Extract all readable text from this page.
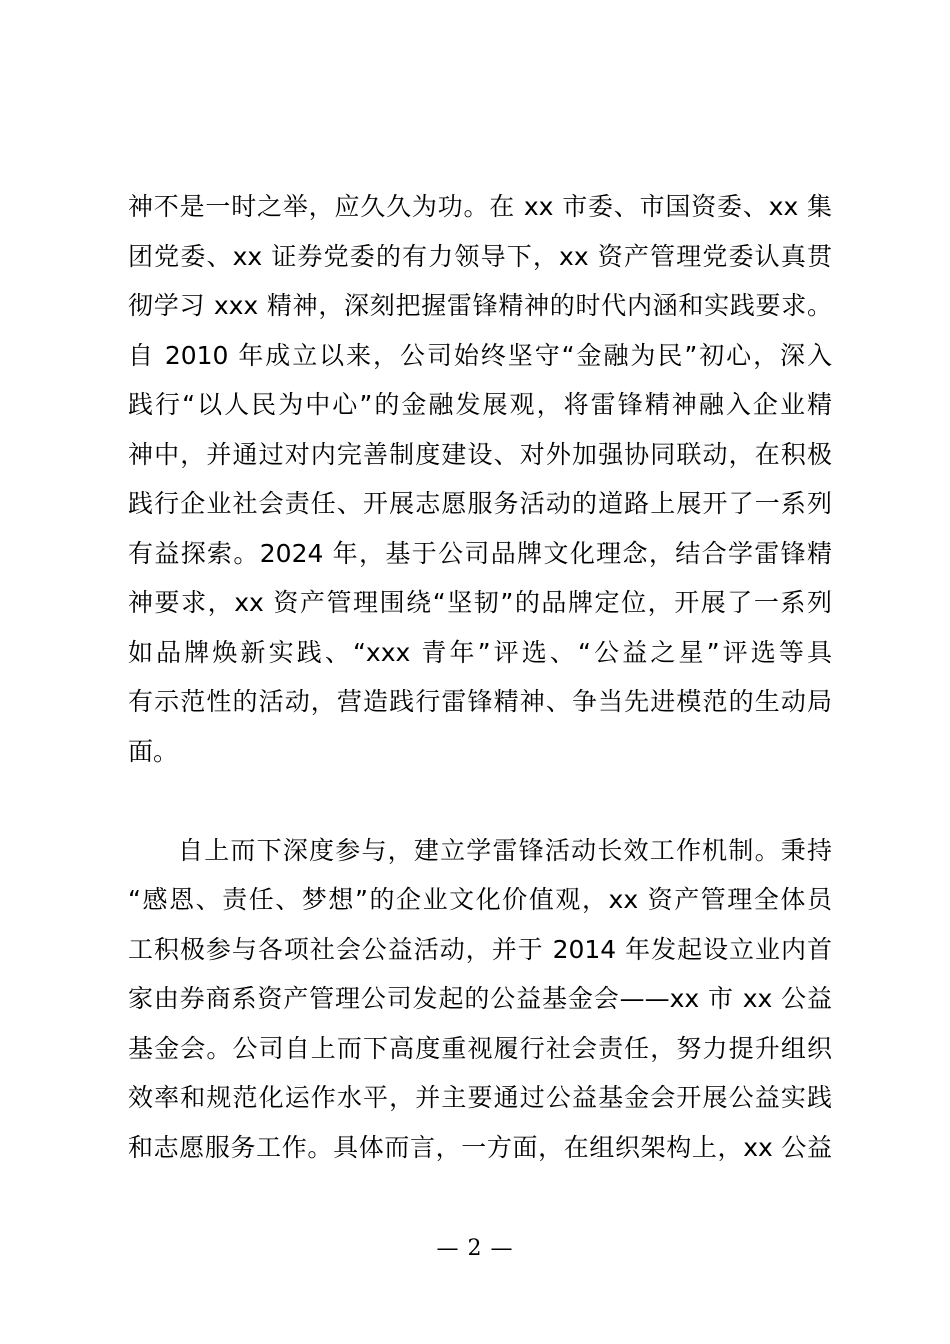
神不是一时之举，应久久为功。在 xx 市委、市国资委、xx 集
团党委、xx 证券党委的有力领导下，xx 资产管理党委认真贯
彻学习 xxx 精神，深刻把握雷锋精神的时代内涵和实践要求。
自 2010 年成立以来，公司始终坚守“金融为民”初心，深入
践行“以人民为中心”的金融发展观，将雷锋精神融入企业精
神中，并通过对内完善制度建设、对外加强协同联动，在积极
践行企业社会责任、开展志愿服务活动的道路上展开了一系列
有益探索。2024 年，基于公司品牌文化理念，结合学雷锋精
神要求，xx 资产管理围绕“坚韧”的品牌定位，开展了一系列
如品牌焕新实践、“xxx 青年”评选、“公益之星”评选等具
有示范性的活动，营造践行雷锋精神、争当先进模范的生动局
面。
自上而下深度参与，建立学雷锋活动长效工作机制。秉持
“感恩、责任、梦想”的企业文化价值观，xx 资产管理全体员
工积极参与各项社会公益活动，并于 2014 年发起设立业内首
家由券商系资产管理公司发起的公益基金会——xx 市 xx 公益
基金会。公司自上而下高度重视履行社会责任，努力提升组织
效率和规范化运作水平，并主要通过公益基金会开展公益实践
和志愿服务工作。具体而言，一方面，在组织架构上，xx 公益
— 2 —
